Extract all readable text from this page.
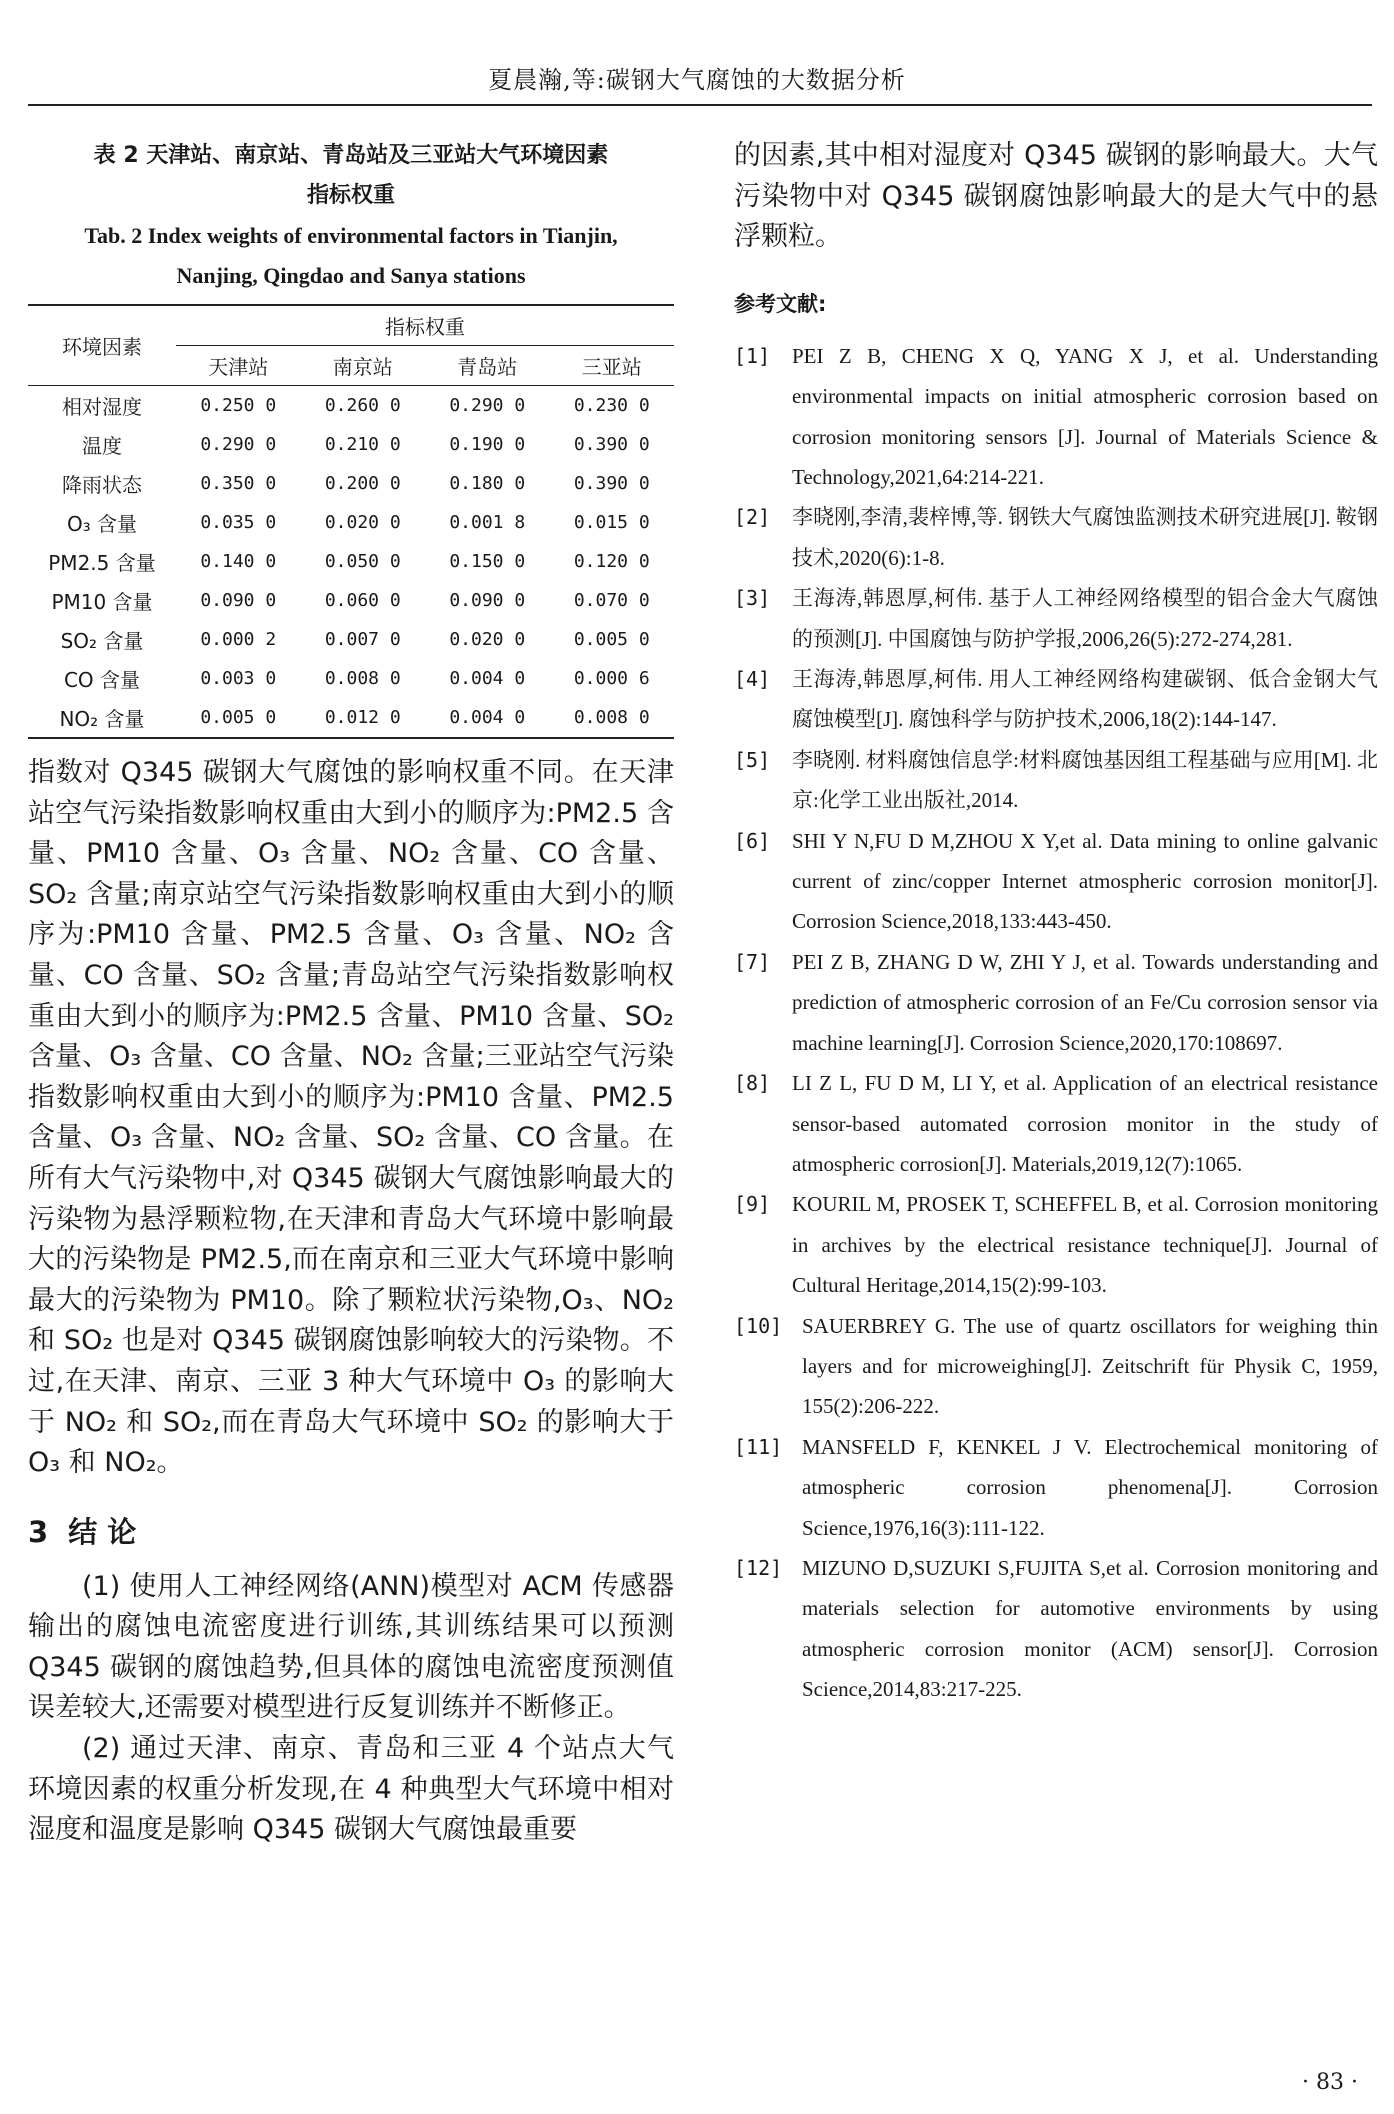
夏晨瀚,等:碳钢大气腐蚀的大数据分析
表 2 天津站、南京站、青岛站及三亚站大气环境因素
指标权重
Tab. 2 Index weights of environmental factors in Tianjin,
Nanjing, Qingdao and Sanya stations
环境因素	指标权重			
	天津站	南京站	青岛站	三亚站
相对湿度	0.250 0	0.260 0	0.290 0	0.230 0
温度	0.290 0	0.210 0	0.190 0	0.390 0
降雨状态	0.350 0	0.200 0	0.180 0	0.390 0
O₃ 含量	0.035 0	0.020 0	0.001 8	0.015 0
PM2.5 含量	0.140 0	0.050 0	0.150 0	0.120 0
PM10 含量	0.090 0	0.060 0	0.090 0	0.070 0
SO₂ 含量	0.000 2	0.007 0	0.020 0	0.005 0
CO 含量	0.003 0	0.008 0	0.004 0	0.000 6
NO₂ 含量	0.005 0	0.012 0	0.004 0	0.008 0

指数对 Q345 碳钢大气腐蚀的影响权重不同。在天津站空气污染指数影响权重由大到小的顺序为:PM2.5 含量、PM10 含量、O₃ 含量、NO₂ 含量、CO 含量、SO₂ 含量;南京站空气污染指数影响权重由大到小的顺序为:PM10 含量、PM2.5 含量、O₃ 含量、NO₂ 含量、CO 含量、SO₂ 含量;青岛站空气污染指数影响权重由大到小的顺序为:PM2.5 含量、PM10 含量、SO₂ 含量、O₃ 含量、CO 含量、NO₂ 含量;三亚站空气污染指数影响权重由大到小的顺序为:PM10 含量、PM2.5 含量、O₃ 含量、NO₂ 含量、SO₂ 含量、CO 含量。在所有大气污染物中,对 Q345 碳钢大气腐蚀影响最大的污染物为悬浮颗粒物,在天津和青岛大气环境中影响最大的污染物是 PM2.5,而在南京和三亚大气环境中影响最大的污染物为 PM10。除了颗粒状污染物,O₃、NO₂ 和 SO₂ 也是对 Q345 碳钢腐蚀影响较大的污染物。不过,在天津、南京、三亚 3 种大气环境中 O₃ 的影响大于 NO₂ 和 SO₂,而在青岛大气环境中 SO₂ 的影响大于 O₃ 和 NO₂。

3 结 论

(1) 使用人工神经网络(ANN)模型对 ACM 传感器输出的腐蚀电流密度进行训练,其训练结果可以预测 Q345 碳钢的腐蚀趋势,但具体的腐蚀电流密度预测值误差较大,还需要对模型进行反复训练并不断修正。

(2) 通过天津、南京、青岛和三亚 4 个站点大气环境因素的权重分析发现,在 4 种典型大气环境中相对湿度和温度是影响 Q345 碳钢大气腐蚀最重要

的因素,其中相对湿度对 Q345 碳钢的影响最大。大气污染物中对 Q345 碳钢腐蚀影响最大的是大气中的悬浮颗粒。

参考文献:
[1]	PEI Z B, CHENG X Q, YANG X J, et al. Understanding environmental impacts on initial atmospheric corrosion based on corrosion monitoring sensors [J]. Journal of Materials Science & Technology,2021,64:214-221.
[2]	李晓刚,李清,裴梓博,等. 钢铁大气腐蚀监测技术研究进展[J]. 鞍钢技术,2020(6):1-8.
[3]	王海涛,韩恩厚,柯伟. 基于人工神经网络模型的铝合金大气腐蚀的预测[J]. 中国腐蚀与防护学报,2006,26(5):272-274,281.
[4]	王海涛,韩恩厚,柯伟. 用人工神经网络构建碳钢、低合金钢大气腐蚀模型[J]. 腐蚀科学与防护技术,2006,18(2):144-147.
[5]	李晓刚. 材料腐蚀信息学:材料腐蚀基因组工程基础与应用[M]. 北京:化学工业出版社,2014.
[6]	SHI Y N,FU D M,ZHOU X Y,et al. Data mining to online galvanic current of zinc/copper Internet atmospheric corrosion monitor[J]. Corrosion Science,2018,133:443-450.
[7]	PEI Z B, ZHANG D W, ZHI Y J, et al. Towards understanding and prediction of atmospheric corrosion of an Fe/Cu corrosion sensor via machine learning[J]. Corrosion Science,2020,170:108697.
[8]	LI Z L, FU D M, LI Y, et al. Application of an electrical resistance sensor-based automated corrosion monitor in the study of atmospheric corrosion[J]. Materials,2019,12(7):1065.
[9]	KOURIL M, PROSEK T, SCHEFFEL B, et al. Corrosion monitoring in archives by the electrical resistance technique[J]. Journal of Cultural Heritage,2014,15(2):99-103.
[10] SAUERBREY G. The use of quartz oscillators for weighing thin layers and for microweighing[J]. Zeitschrift für Physik C, 1959, 155(2):206-222.
[11] MANSFELD F, KENKEL J V. Electrochemical monitoring of atmospheric corrosion phenomena[J]. Corrosion Science,1976,16(3):111-122.
[12] MIZUNO D,SUZUKI S,FUJITA S,et al. Corrosion monitoring and materials selection for automotive environments by using atmospheric corrosion monitor (ACM) sensor[J]. Corrosion Science,2014,83:217-225.
· 83 ·
